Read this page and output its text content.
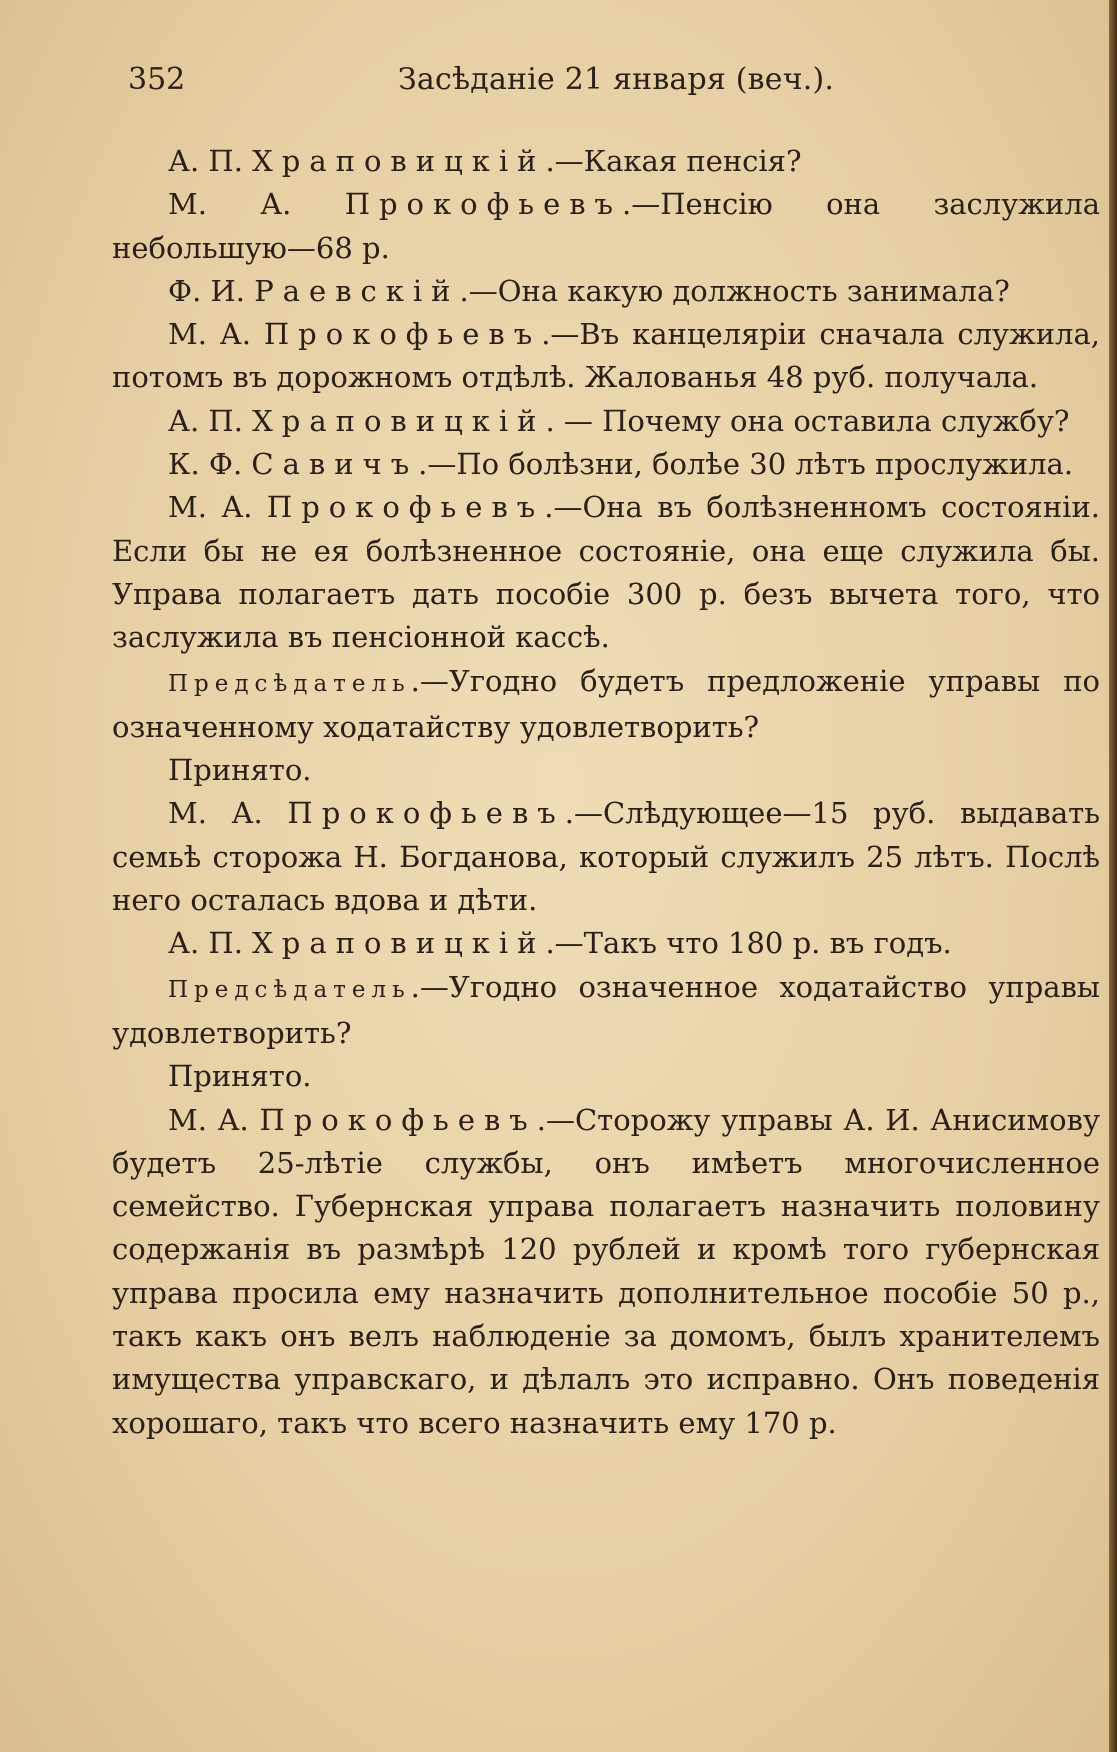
352	Засѣданіе 21 января (веч.).

А. П. Храповицкій.—Какая пенсія?

М. А. Прокофьевъ.—Пенсію она заслужила небольшую—68 р.

Ф. И. Раевскій.—Она какую должность занимала?

М. А. Прокофьевъ.—Въ канцеляріи сначала служила, потомъ въ дорожномъ отдѣлѣ. Жалованья 48 руб. получала.

А. П. Храповицкій. — Почему она оставила службу?

К. Ф. Савичъ.—По болѣзни, болѣе 30 лѣтъ прослужила.

М. А. Прокофьевъ.—Она въ болѣзненномъ состояніи. Если бы не ея болѣзненное состояніе, она еще служила бы. Управа полагаетъ дать пособіе 300 р. безъ вычета того, что заслужила въ пенсіонной кассѣ.

Предсѣдатель.—Угодно будетъ предложеніе управы по означенному ходатайству удовлетворить?

Принято.

М. А. Прокофьевъ.—Слѣдующее—15 руб. выдавать семьѣ сторожа Н. Богданова, который служилъ 25 лѣтъ. Послѣ него осталась вдова и дѣти.

А. П. Храповицкій.—Такъ что 180 р. въ годъ.

Предсѣдатель.—Угодно означенное ходатайство управы удовлетворить?

Принято.

М. А. Прокофьевъ.—Сторожу управы А. И. Анисимову будетъ 25-лѣтіе службы, онъ имѣетъ многочисленное семейство. Губернская управа полагаетъ назначить половину содержанія въ размѣрѣ 120 рублей и кромѣ того губернская управа просила ему назначить дополнительное пособіе 50 р., такъ какъ онъ велъ наблюденіе за домомъ, былъ хранителемъ имущества управскаго, и дѣлалъ это исправно. Онъ поведенія хорошаго, такъ что всего назначить ему 170 р.
